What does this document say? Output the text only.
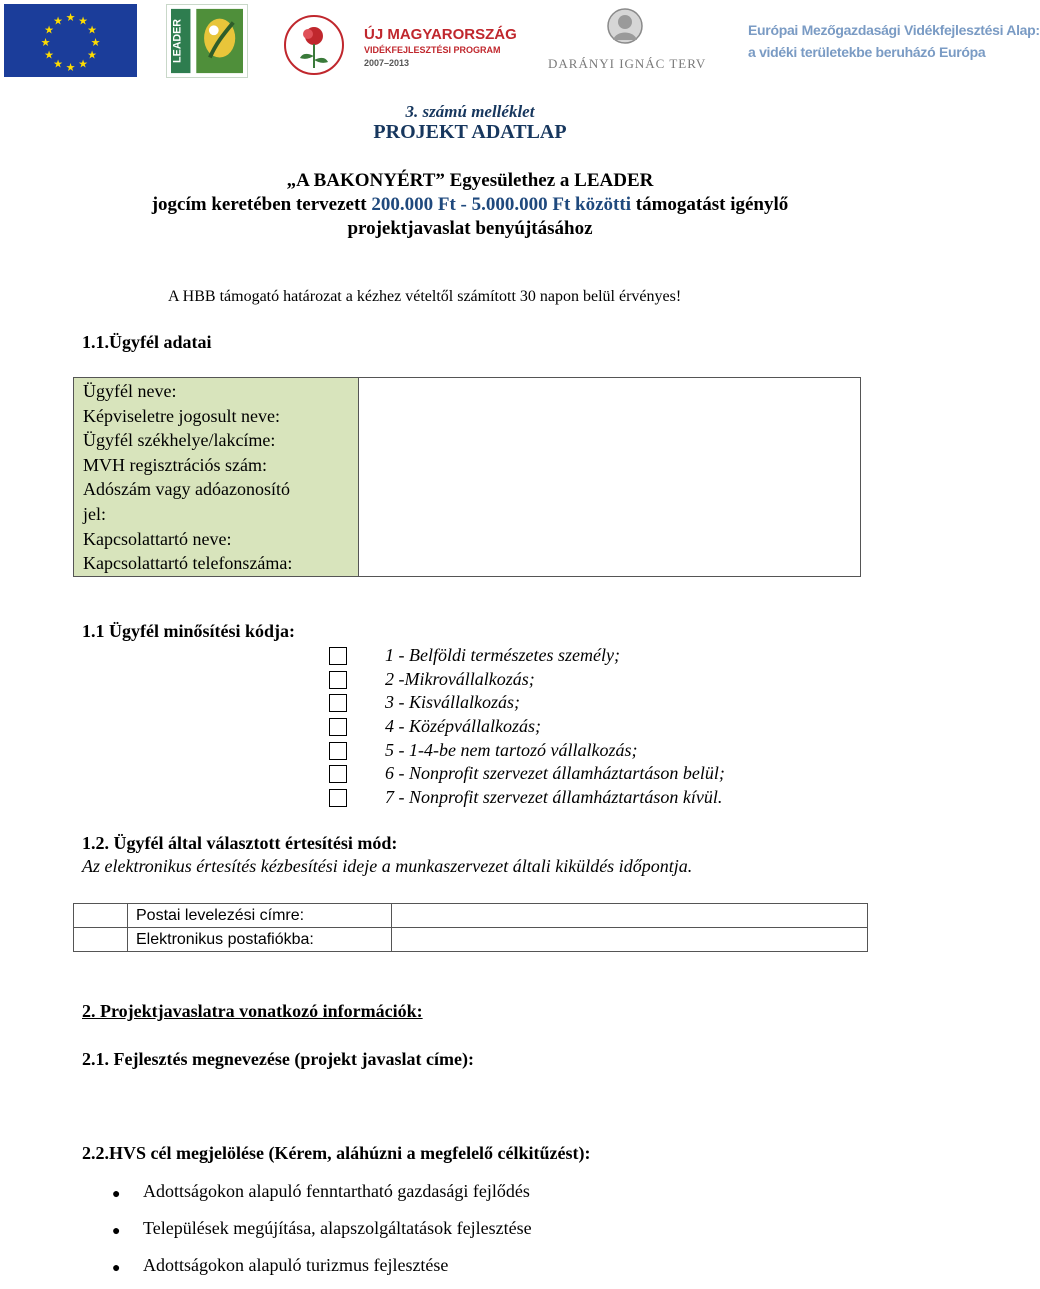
★ ★
★
★
★
★
★
★
★
★
★
★	LEADER	ÚJ MAGYARORSZÁG
VIDÉKFEJLESZTÉSI PROGRAM
2007–2013	DARÁNYI IGNÁC TERV
Európai Mezőgazdasági Vidékfejlesztési Alap:
a vidéki területekbe beruházó Európa
3. számú melléklet
PROJEKT ADATLAP
„A BAKONYÉRT” Egyesülethez a LEADER
jogcím keretében tervezett 200.000 Ft - 5.000.000 Ft közötti támogatást igénylő
projektjavaslat benyújtásához
A HBB támogató határozat a kézhez vételtől számított 30 napon belül érvényes!
1.1.Ügyfél adatai
Ügyfél neve:
Képviseletre jogosult neve:
Ügyfél székhelye/lakcíme:
MVH regisztrációs szám:
Adószám vagy adóazonosító
jel:
Kapcsolattartó neve:
Kapcsolattartó telefonszáma:

1.1 Ügyfél minősítési kódja:
1 - Belföldi természetes személy;
2 -Mikrovállalkozás;
3 - Kisvállalkozás;
4 - Középvállalkozás;
5 - 1-4-be nem tartozó vállalkozás;
6 - Nonprofit szervezet államháztartáson belül;
7 - Nonprofit szervezet államháztartáson kívül.
1.2. Ügyfél által választott értesítési mód:
Az elektronikus értesítés kézbesítési ideje a munkaszervezet általi kiküldés időpontja.
	Postai levelezési címre:	
	Elektronikus postafiókba:	
2. Projektjavaslatra vonatkozó információk:
2.1. Fejlesztés megnevezése (projekt javaslat címe):
2.2.HVS cél megjelölése (Kérem, aláhúzni a megfelelő célkitűzést):
● Adottságokon alapuló fenntartható gazdasági fejlődés
● Települések megújítása, alapszolgáltatások fejlesztése
● Adottságokon alapuló turizmus fejlesztése
